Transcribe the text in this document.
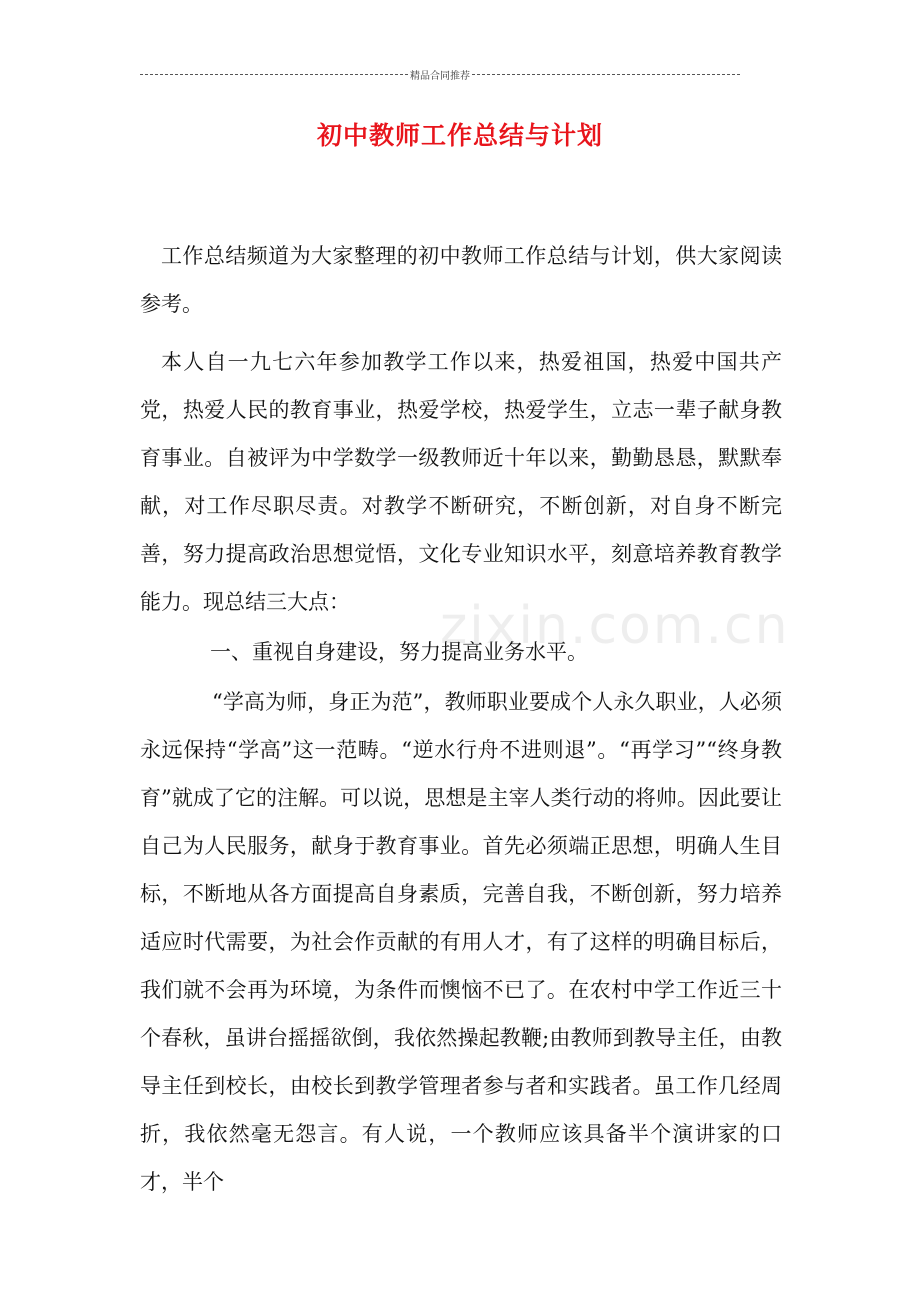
精品合同推荐
初中教师工作总结与计划

工作总结频道为大家整理的初中教师工作总结与计划，供大家阅读参考。

本人自一九七六年参加教学工作以来，热爱祖国，热爱中国共产党，热爱人民的教育事业，热爱学校，热爱学生，立志一辈子献身教育事业。自被评为中学数学一级教师近十年以来，勤勤恳恳，默默奉献，对工作尽职尽责。对教学不断研究，不断创新，对自身不断完善，努力提高政治思想觉悟，文化专业知识水平，刻意培养教育教学能力。现总结三大点：

一、重视自身建设，努力提高业务水平。

“学高为师，身正为范”，教师职业要成个人永久职业，人必须永远保持“学高”这一范畴。“逆水行舟不进则退”。“再学习”“终身教育”就成了它的注解。可以说，思想是主宰人类行动的将帅。因此要让自己为人民服务，献身于教育事业。首先必须端正思想，明确人生目标，不断地从各方面提高自身素质，完善自我，不断创新，努力培养适应时代需要，为社会作贡献的有用人才，有了这样的明确目标后，我们就不会再为环境，为条件而懊恼不已了。在农村中学工作近三十个春秋，虽讲台摇摇欲倒，我依然操起教鞭;由教师到教导主任，由教导主任到校长，由校长到教学管理者参与者和实践者。虽工作几经周折，我依然毫无怨言。有人说，一个教师应该具备半个演讲家的口才，半个

zixin.com.cn
